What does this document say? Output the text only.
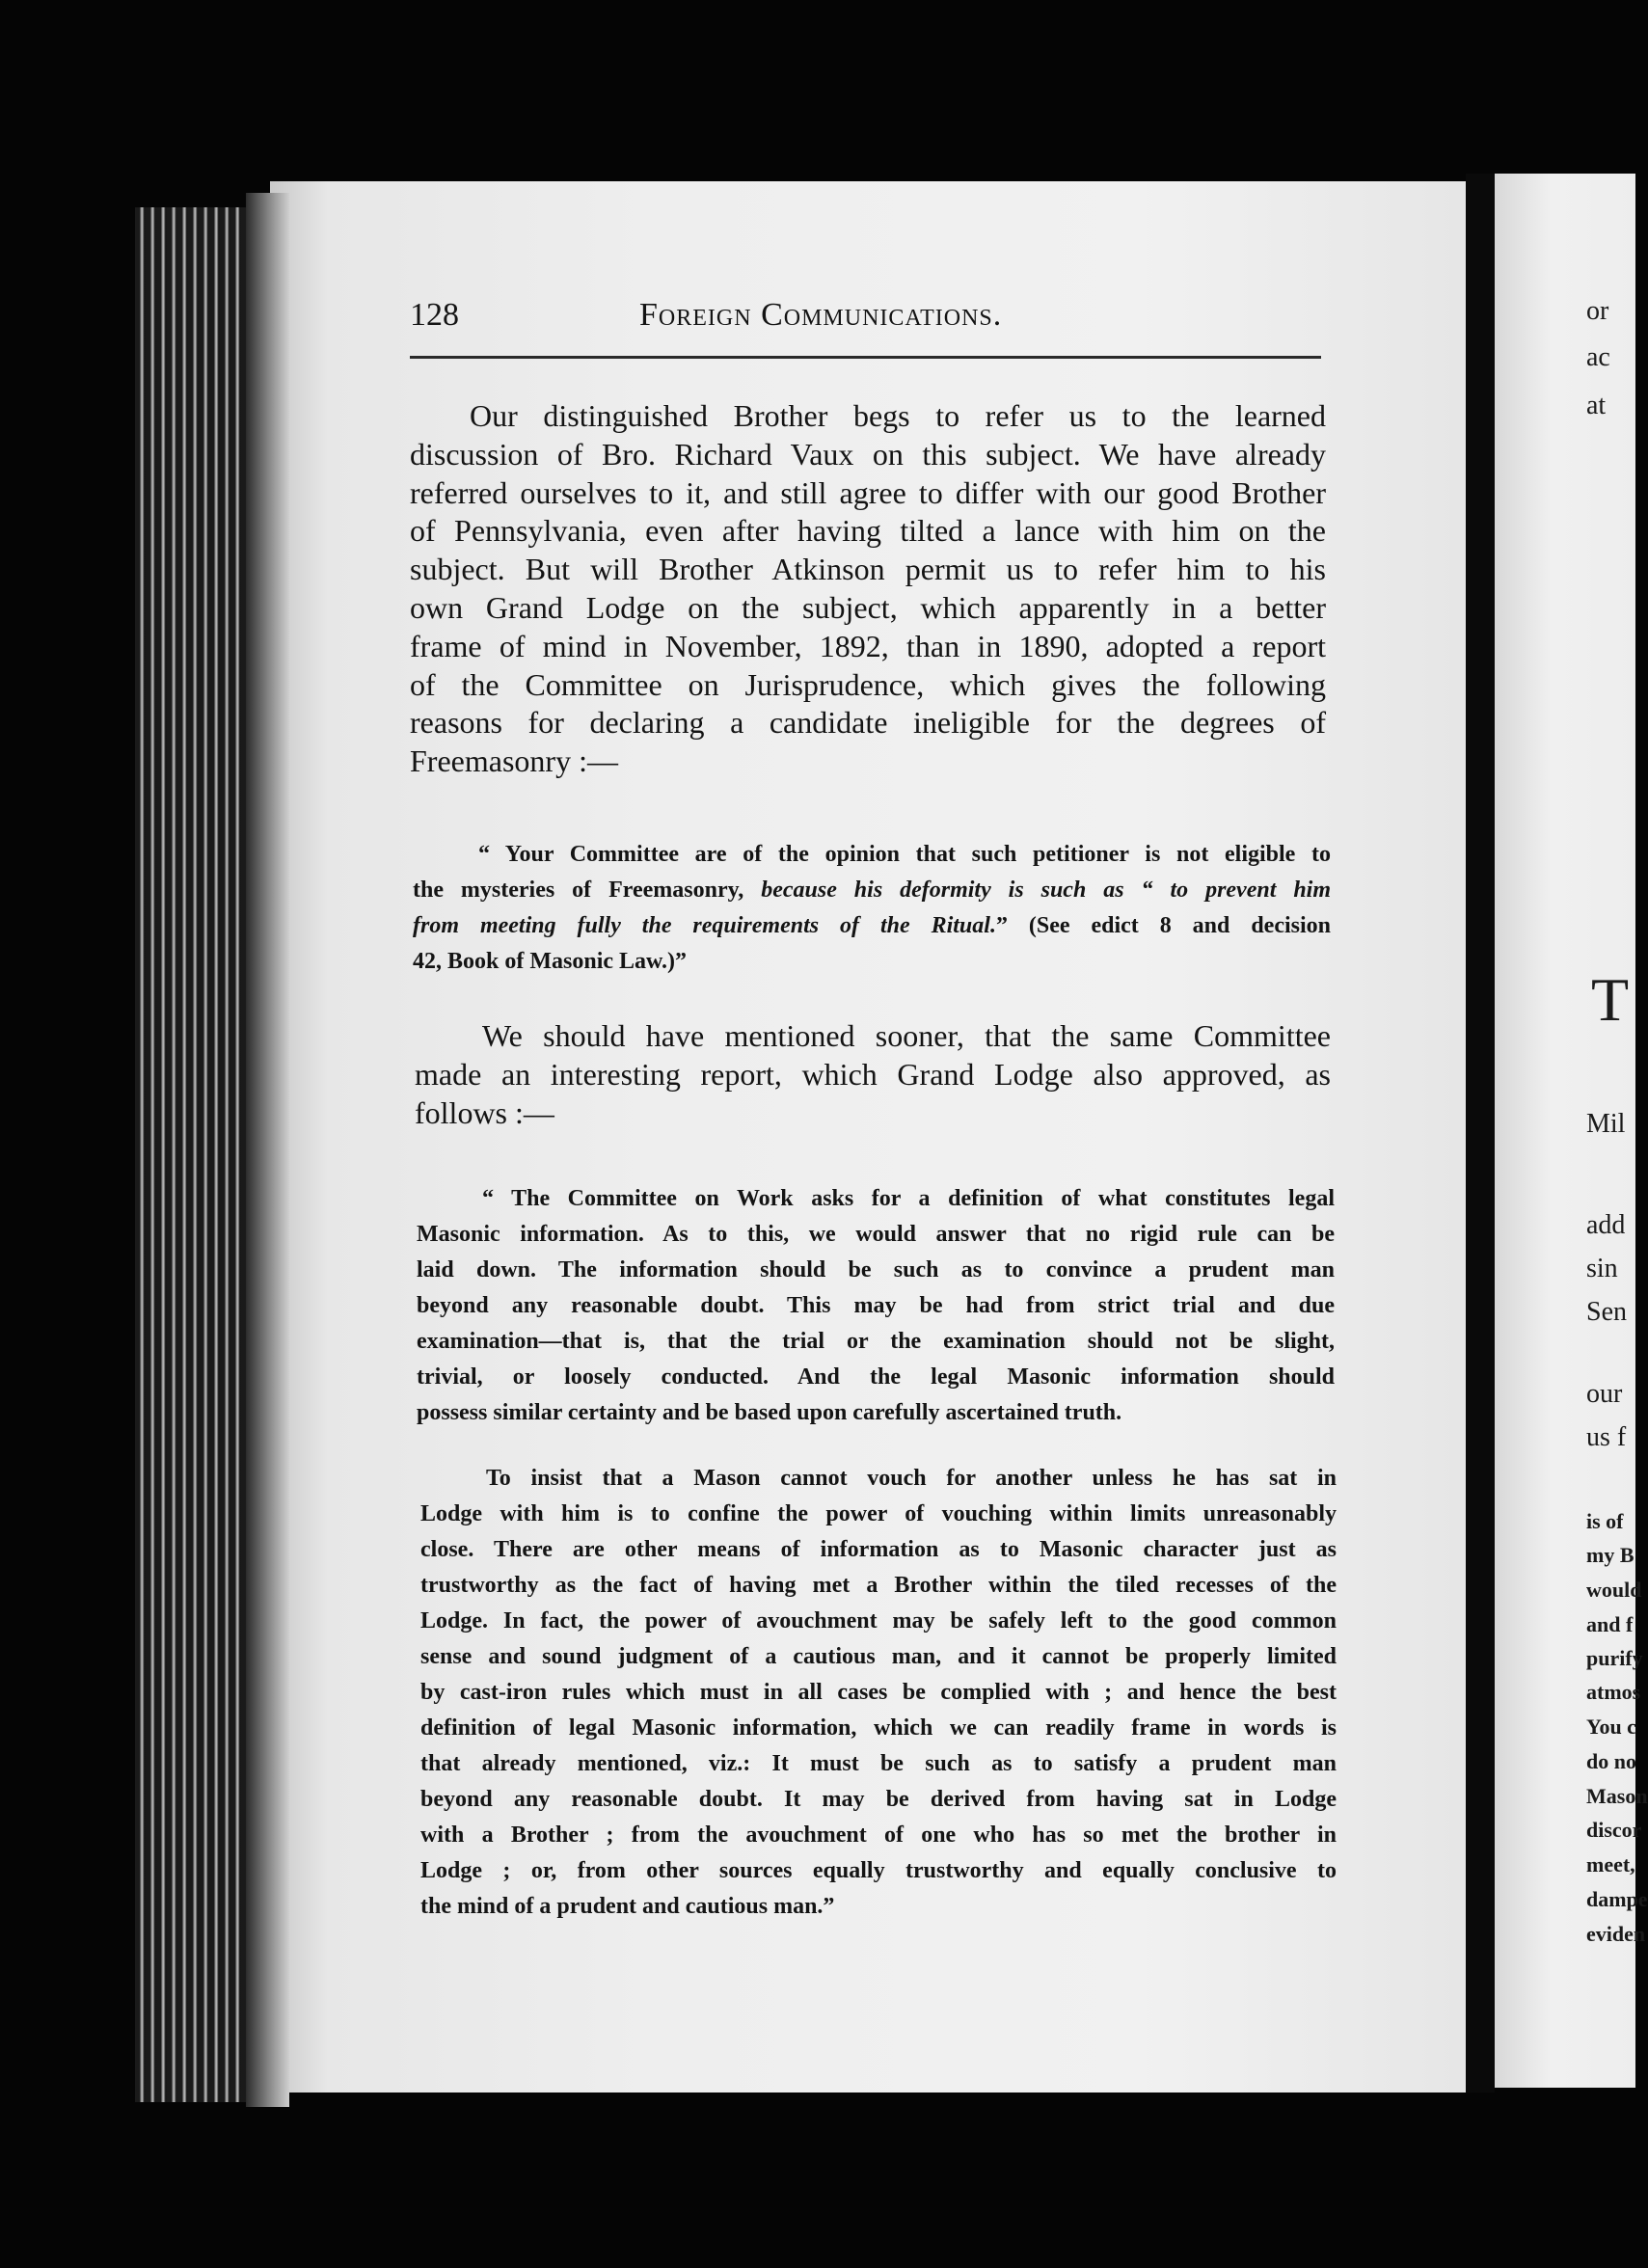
or
ac
at
T
Mil
add
sin
Sen
our
us f
is of
my B
would
and f
purify
atmos
You c
do no
Mason
discor
meet,
dampe
eviden
128	Foreign Communications.
Our distinguished Brother begs to refer us to the learned
discussion of Bro. Richard Vaux on this subject. We have already
referred ourselves to it, and still agree to differ with our good Brother
of Pennsylvania, even after having tilted a lance with him on the
subject. But will Brother Atkinson permit us to refer him to his
own Grand Lodge on the subject, which apparently in a better
frame of mind in November, 1892, than in 1890, adopted a report
of the Committee on Jurisprudence, which gives the following
reasons for declaring a candidate ineligible for the degrees of
Freemasonry :—
“ Your Committee are of the opinion that such petitioner is not eligible to
the mysteries of Freemasonry, because his deformity is such as “ to prevent him
from meeting fully the requirements of the Ritual.” (See edict 8 and decision
42, Book of Masonic Law.)”
We should have mentioned sooner, that the same Committee
made an interesting report, which Grand Lodge also approved, as
follows :—
“ The Committee on Work asks for a definition of what constitutes legal
Masonic information. As to this, we would answer that no rigid rule can be
laid down. The information should be such as to convince a prudent man
beyond any reasonable doubt. This may be had from strict trial and due
examination—that is, that the trial or the examination should not be slight,
trivial, or loosely conducted. And the legal Masonic information should
possess similar certainty and be based upon carefully ascertained truth.
To insist that a Mason cannot vouch for another unless he has sat in
Lodge with him is to confine the power of vouching within limits unreasonably
close. There are other means of information as to Masonic character just as
trustworthy as the fact of having met a Brother within the tiled recesses of the
Lodge. In fact, the power of avouchment may be safely left to the good common
sense and sound judgment of a cautious man, and it cannot be properly limited
by cast-iron rules which must in all cases be complied with ; and hence the best
definition of legal Masonic information, which we can readily frame in words is
that already mentioned, viz.: It must be such as to satisfy a prudent man
beyond any reasonable doubt. It may be derived from having sat in Lodge
with a Brother ; from the avouchment of one who has so met the brother in
Lodge ; or, from other sources equally trustworthy and equally conclusive to
the mind of a prudent and cautious man.”
